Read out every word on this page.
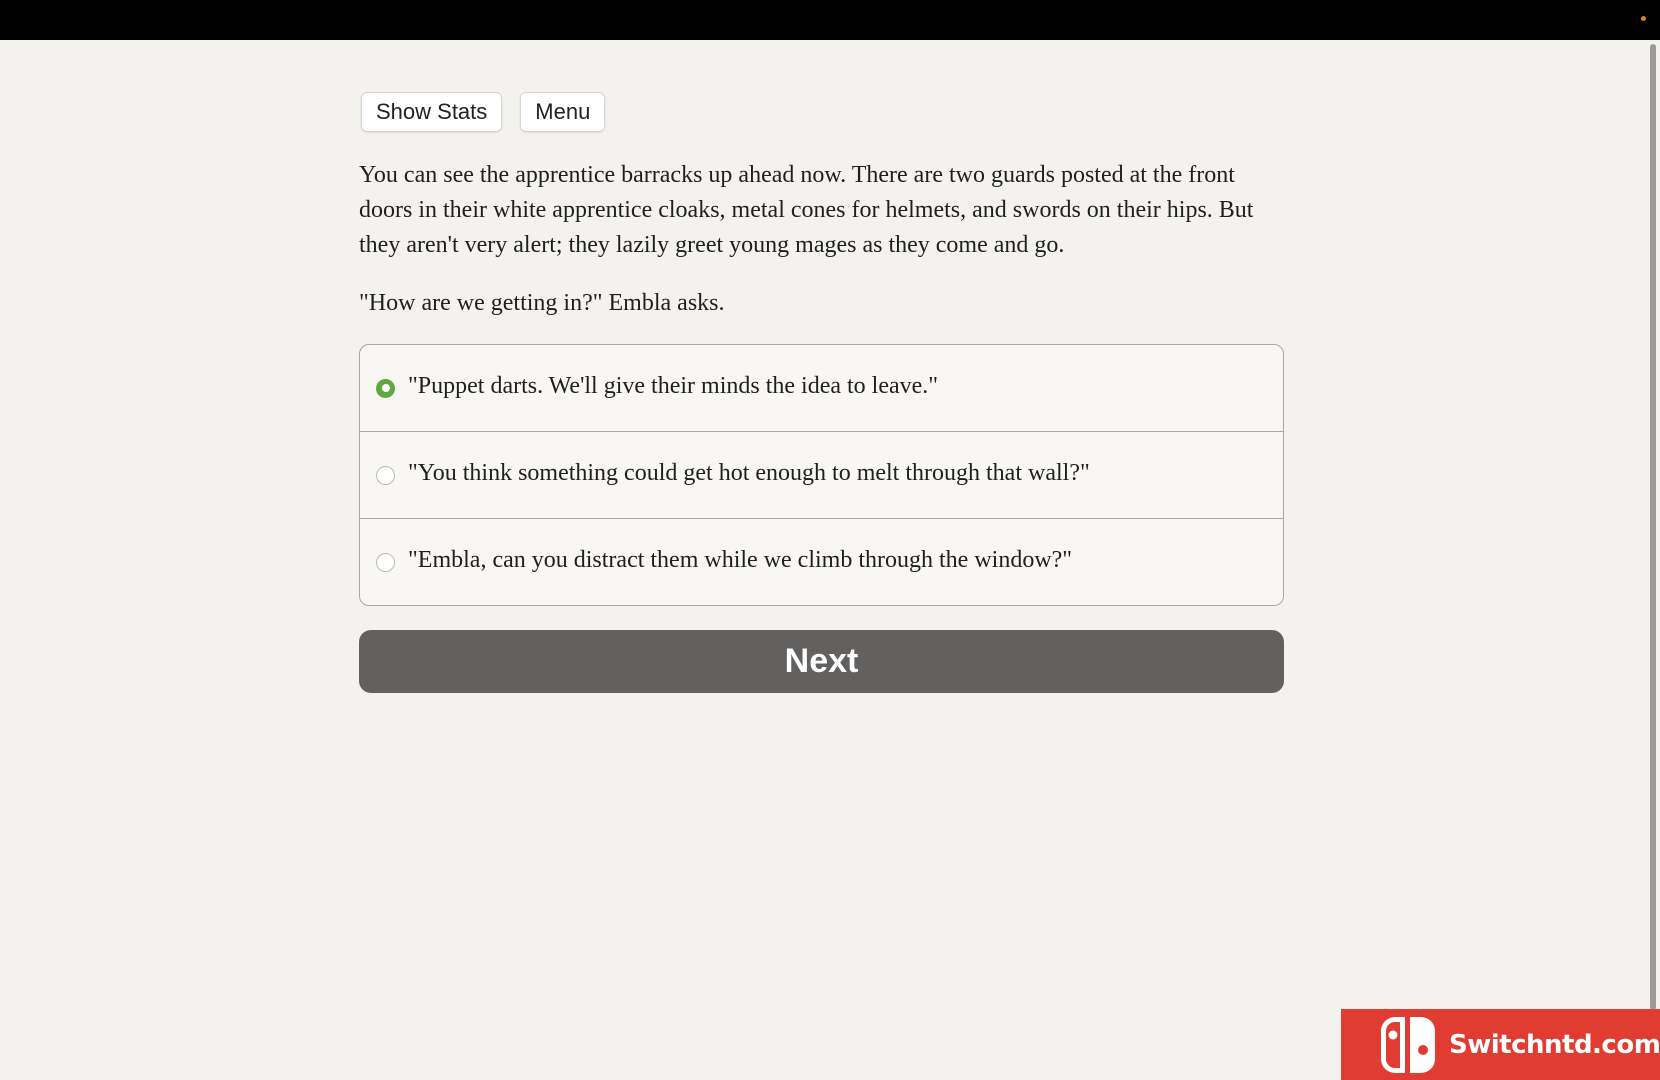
Show Stats	Menu

You can see the apprentice barracks up ahead now. There are two guards posted at the front doors in their white apprentice cloaks, metal cones for helmets, and swords on their hips. But they aren't very alert; they lazily greet young mages as they come and go.

"How are we getting in?" Embla asks.

"Puppet darts. We'll give their minds the idea to leave."
"You think something could get hot enough to melt through that wall?"
"Embla, can you distract them while we climb through the window?"
Next
Switchntd.com
